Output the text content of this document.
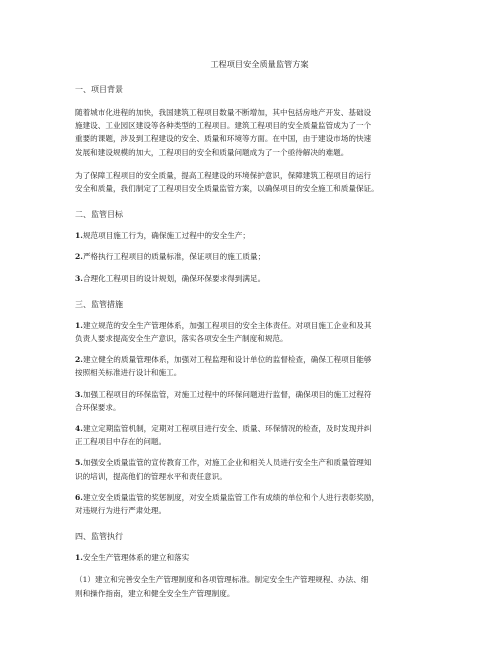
工程项目安全质量监管方案

一、项目背景

随着城市化进程的加快，我国建筑工程项目数量不断增加，其中包括房地产开发、基础设
施建设、工业园区建设等各种类型的工程项目。建筑工程项目的安全质量监管成为了一个
重要的课题，涉及到工程建设的安全、质量和环境等方面。在中国，由于建设市场的快速
发展和建设规模的加大，工程项目的安全和质量问题成为了一个亟待解决的难题。

为了保障工程项目的安全质量，提高工程建设的环境保护意识，保障建筑工程项目的运行
安全和质量，我们制定了工程项目安全质量监管方案，以确保项目的安全施工和质量保证。

二、监管目标

1.规范项目施工行为，确保施工过程中的安全生产；

2.严格执行工程项目的质量标准，保证项目的施工质量；

3.合理化工程项目的设计规划，确保环保要求得到满足。

三、监管措施

1.建立规范的安全生产管理体系，加强工程项目的安全主体责任。对项目施工企业和及其
负责人要求提高安全生产意识，落实各项安全生产制度和规范。

2.建立健全的质量管理体系，加强对工程监理和设计单位的监督检查，确保工程项目能够
按照相关标准进行设计和施工。

3.加强工程项目的环保监管，对施工过程中的环保问题进行监督，确保项目的施工过程符
合环保要求。

4.建立定期监管机制，定期对工程项目进行安全、质量、环保情况的检查，及时发现并纠
正工程项目中存在的问题。

5.加强安全质量监管的宣传教育工作，对施工企业和相关人员进行安全生产和质量管理知
识的培训，提高他们的管理水平和责任意识。

6.建立安全质量监管的奖惩制度，对安全质量监管工作有成绩的单位和个人进行表彰奖励，
对违规行为进行严肃处理。

四、监管执行

1.安全生产管理体系的建立和落实

（1）建立和完善安全生产管理制度和各项管理标准。制定安全生产管理规程、办法、细
则和操作指南，建立和健全安全生产管理制度。
